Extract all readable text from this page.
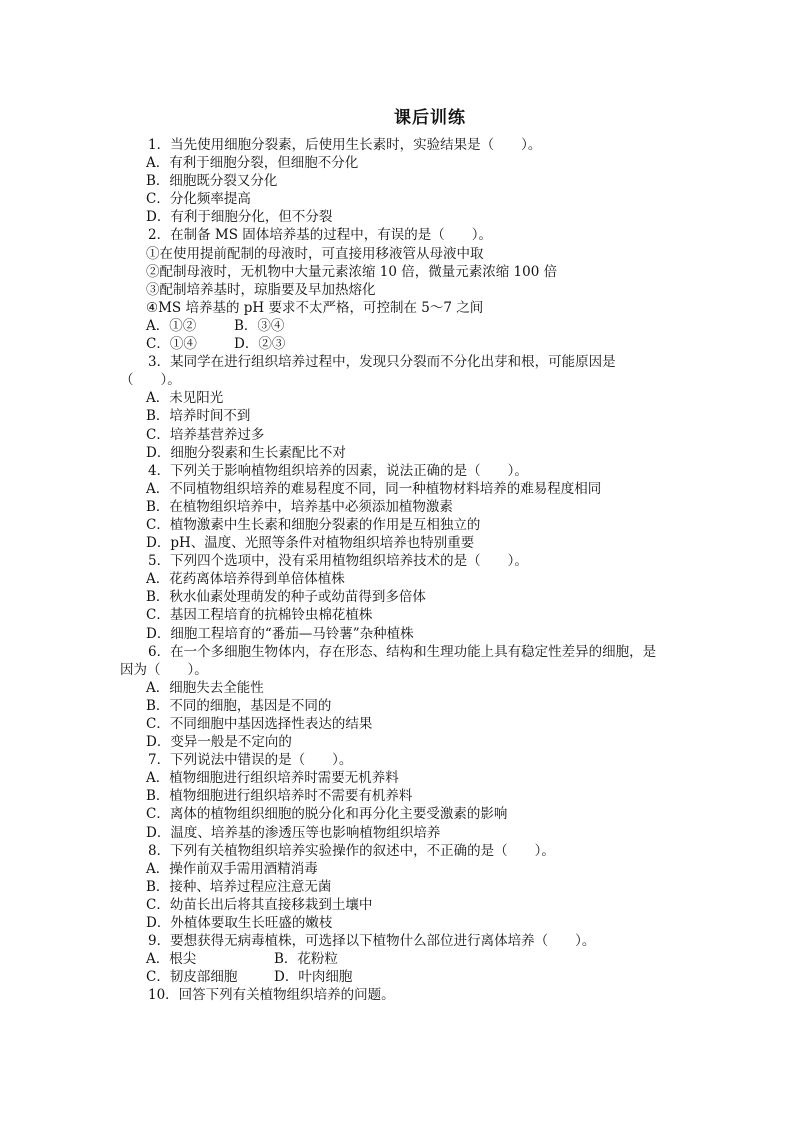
课后训练
1．当先使用细胞分裂素，后使用生长素时，实验结果是（　　）。
A．有利于细胞分裂，但细胞不分化
B．细胞既分裂又分化
C．分化频率提高
D．有利于细胞分化，但不分裂
2．在制备 MS 固体培养基的过程中，有误的是（　　）。
①在使用提前配制的母液时，可直接用移液管从母液中取
②配制母液时，无机物中大量元素浓缩 10 倍，微量元素浓缩 100 倍
③配制培养基时，琼脂要及早加热熔化
④MS 培养基的 pH 要求不太严格，可控制在 5～7 之间
A．①②	B．③④
C．①④	D．②③
3．某同学在进行组织培养过程中，发现只分裂而不分化出芽和根，可能原因是
（　　）。
A．未见阳光
B．培养时间不到
C．培养基营养过多
D．细胞分裂素和生长素配比不对
4．下列关于影响植物组织培养的因素，说法正确的是（　　）。
A．不同植物组织培养的难易程度不同，同一种植物材料培养的难易程度相同
B．在植物组织培养中，培养基中必须添加植物激素
C．植物激素中生长素和细胞分裂素的作用是互相独立的
D．pH、温度、光照等条件对植物组织培养也特别重要
5．下列四个选项中，没有采用植物组织培养技术的是（　　）。
A．花药离体培养得到单倍体植株
B．秋水仙素处理萌发的种子或幼苗得到多倍体
C．基因工程培育的抗棉铃虫棉花植株
D．细胞工程培育的“番茄—马铃薯”杂种植株
6．在一个多细胞生物体内，存在形态、结构和生理功能上具有稳定性差异的细胞，是
因为（　　）。
A．细胞失去全能性
B．不同的细胞，基因是不同的
C．不同细胞中基因选择性表达的结果
D．变异一般是不定向的
7．下列说法中错误的是（　　）。
A．植物细胞进行组织培养时需要无机养料
B．植物细胞进行组织培养时不需要有机养料
C．离体的植物组织细胞的脱分化和再分化主要受激素的影响
D．温度、培养基的渗透压等也影响植物组织培养
8．下列有关植物组织培养实验操作的叙述中，不正确的是（　　）。
A．操作前双手需用酒精消毒
B．接种、培养过程应注意无菌
C．幼苗长出后将其直接移栽到土壤中
D．外植体要取生长旺盛的嫩枝
9．要想获得无病毒植株，可选择以下植物什么部位进行离体培养（　　）。
A．根尖	B．花粉粒
C．韧皮部细胞	D．叶肉细胞
10．回答下列有关植物组织培养的问题。
